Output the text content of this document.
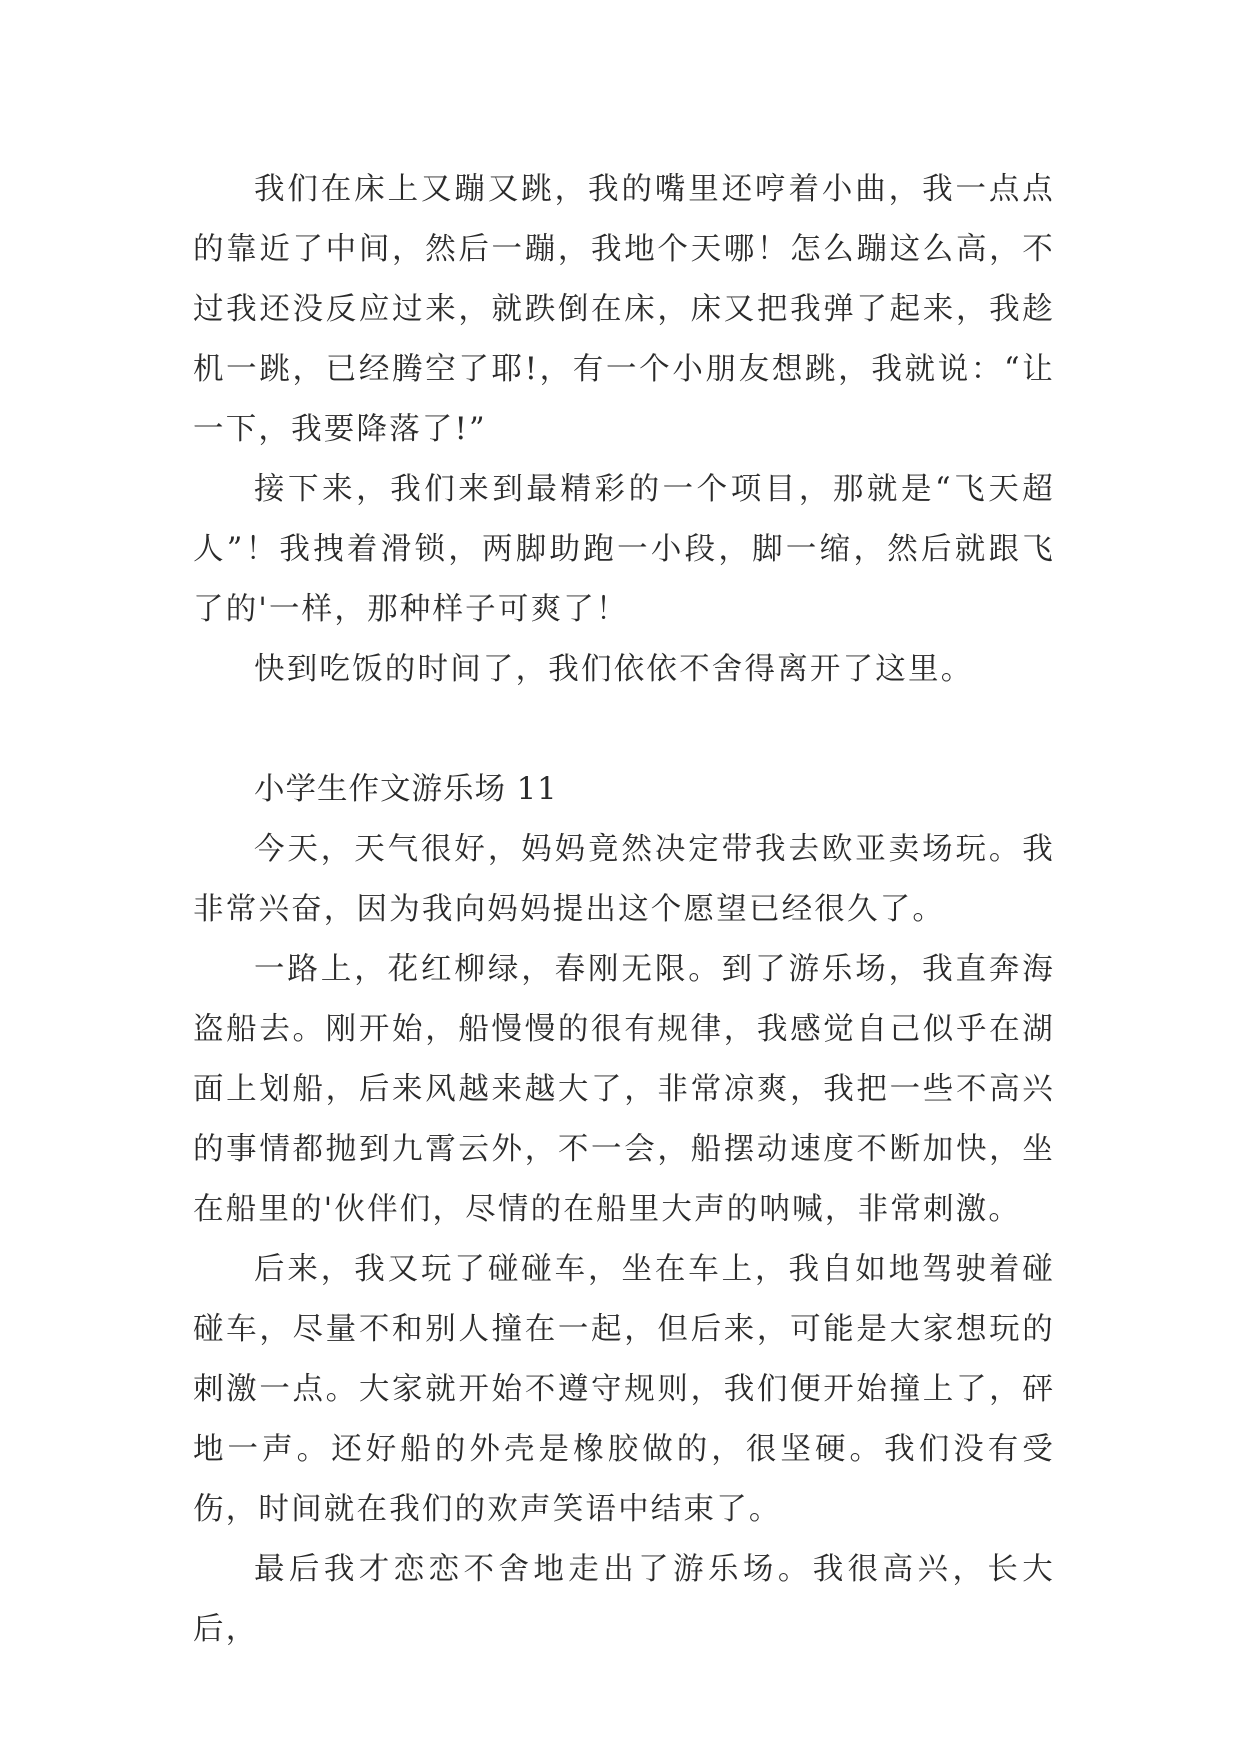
我们在床上又蹦又跳，我的嘴里还哼着小曲，我一点点的靠近了中间，然后一蹦，我地个天哪！怎么蹦这么高，不过我还没反应过来，就跌倒在床，床又把我弹了起来，我趁机一跳，已经腾空了耶!，有一个小朋友想跳，我就说：“让一下，我要降落了!”

接下来，我们来到最精彩的一个项目，那就是“飞天超人”！我拽着滑锁，两脚助跑一小段，脚一缩，然后就跟飞了的'一样，那种样子可爽了！

快到吃饭的时间了，我们依依不舍得离开了这里。

小学生作文游乐场 11

今天，天气很好，妈妈竟然决定带我去欧亚卖场玩。我非常兴奋，因为我向妈妈提出这个愿望已经很久了。

一路上，花红柳绿，春刚无限。到了游乐场，我直奔海盗船去。刚开始，船慢慢的很有规律，我感觉自己似乎在湖面上划船，后来风越来越大了，非常凉爽，我把一些不高兴的事情都抛到九霄云外，不一会，船摆动速度不断加快，坐在船里的'伙伴们，尽情的在船里大声的呐喊，非常刺激。

后来，我又玩了碰碰车，坐在车上，我自如地驾驶着碰碰车，尽量不和别人撞在一起，但后来，可能是大家想玩的刺激一点。大家就开始不遵守规则，我们便开始撞上了，砰地一声。还好船的外壳是橡胶做的，很坚硬。我们没有受伤，时间就在我们的欢声笑语中结束了。

最后我才恋恋不舍地走出了游乐场。我很高兴，长大后，
